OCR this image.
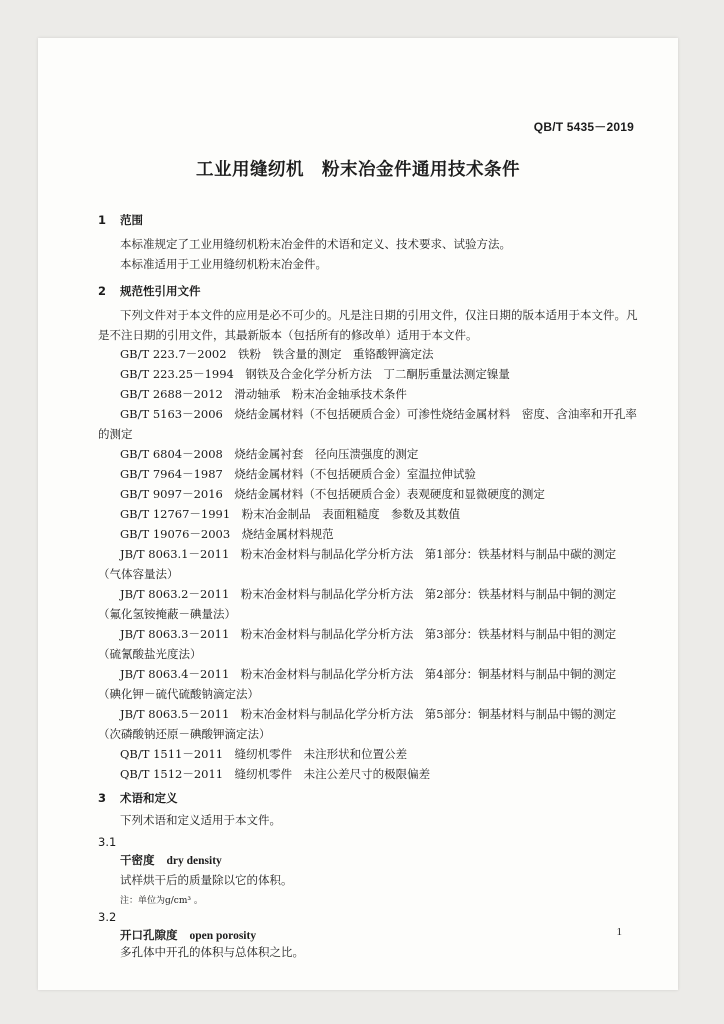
QB/T 5435－2019
工业用缝纫机　粉末冶金件通用技术条件
1 范围
本标准规定了工业用缝纫机粉末冶金件的术语和定义、技术要求、试验方法。
本标准适用于工业用缝纫机粉末冶金件。
2 规范性引用文件
下列文件对于本文件的应用是必不可少的。凡是注日期的引用文件，仅注日期的版本适用于本文件。凡是不注日期的引用文件，其最新版本（包括所有的修改单）适用于本文件。
GB/T 223.7－2002　铁粉　铁含量的测定　重铬酸钾滴定法
GB/T 223.25－1994　钢铁及合金化学分析方法　丁二酮肟重量法测定镍量
GB/T 2688－2012　滑动轴承　粉末冶金轴承技术条件
GB/T 5163－2006　烧结金属材料（不包括硬质合金）可渗性烧结金属材料　密度、含油率和开孔率的测定
GB/T 6804－2008　烧结金属衬套　径向压溃强度的测定
GB/T 7964－1987　烧结金属材料（不包括硬质合金）室温拉伸试验
GB/T 9097－2016　烧结金属材料（不包括硬质合金）表观硬度和显微硬度的测定
GB/T 12767－1991　粉末冶金制品　表面粗糙度　参数及其数值
GB/T 19076－2003　烧结金属材料规范
JB/T 8063.1－2011　粉末冶金材料与制品化学分析方法　第1部分：铁基材料与制品中碳的测定（气体容量法）
JB/T 8063.2－2011　粉末冶金材料与制品化学分析方法　第2部分：铁基材料与制品中铜的测定（氟化氢铵掩蔽－碘量法）
JB/T 8063.3－2011　粉末冶金材料与制品化学分析方法　第3部分：铁基材料与制品中钼的测定（硫氰酸盐光度法）
JB/T 8063.4－2011　粉末冶金材料与制品化学分析方法　第4部分：铜基材料与制品中铜的测定（碘化钾－硫代硫酸钠滴定法）
JB/T 8063.5－2011　粉末冶金材料与制品化学分析方法　第5部分：铜基材料与制品中锡的测定（次磷酸钠还原－碘酸钾滴定法）
QB/T 1511－2011　缝纫机零件　未注形状和位置公差
QB/T 1512－2011　缝纫机零件　未注公差尺寸的极限偏差
3 术语和定义
下列术语和定义适用于本文件。
3.1
干密度 dry density
试样烘干后的质量除以它的体积。
注：单位为g/cm³ 。
3.2
开口孔隙度 open porosity
多孔体中开孔的体积与总体积之比。
1
